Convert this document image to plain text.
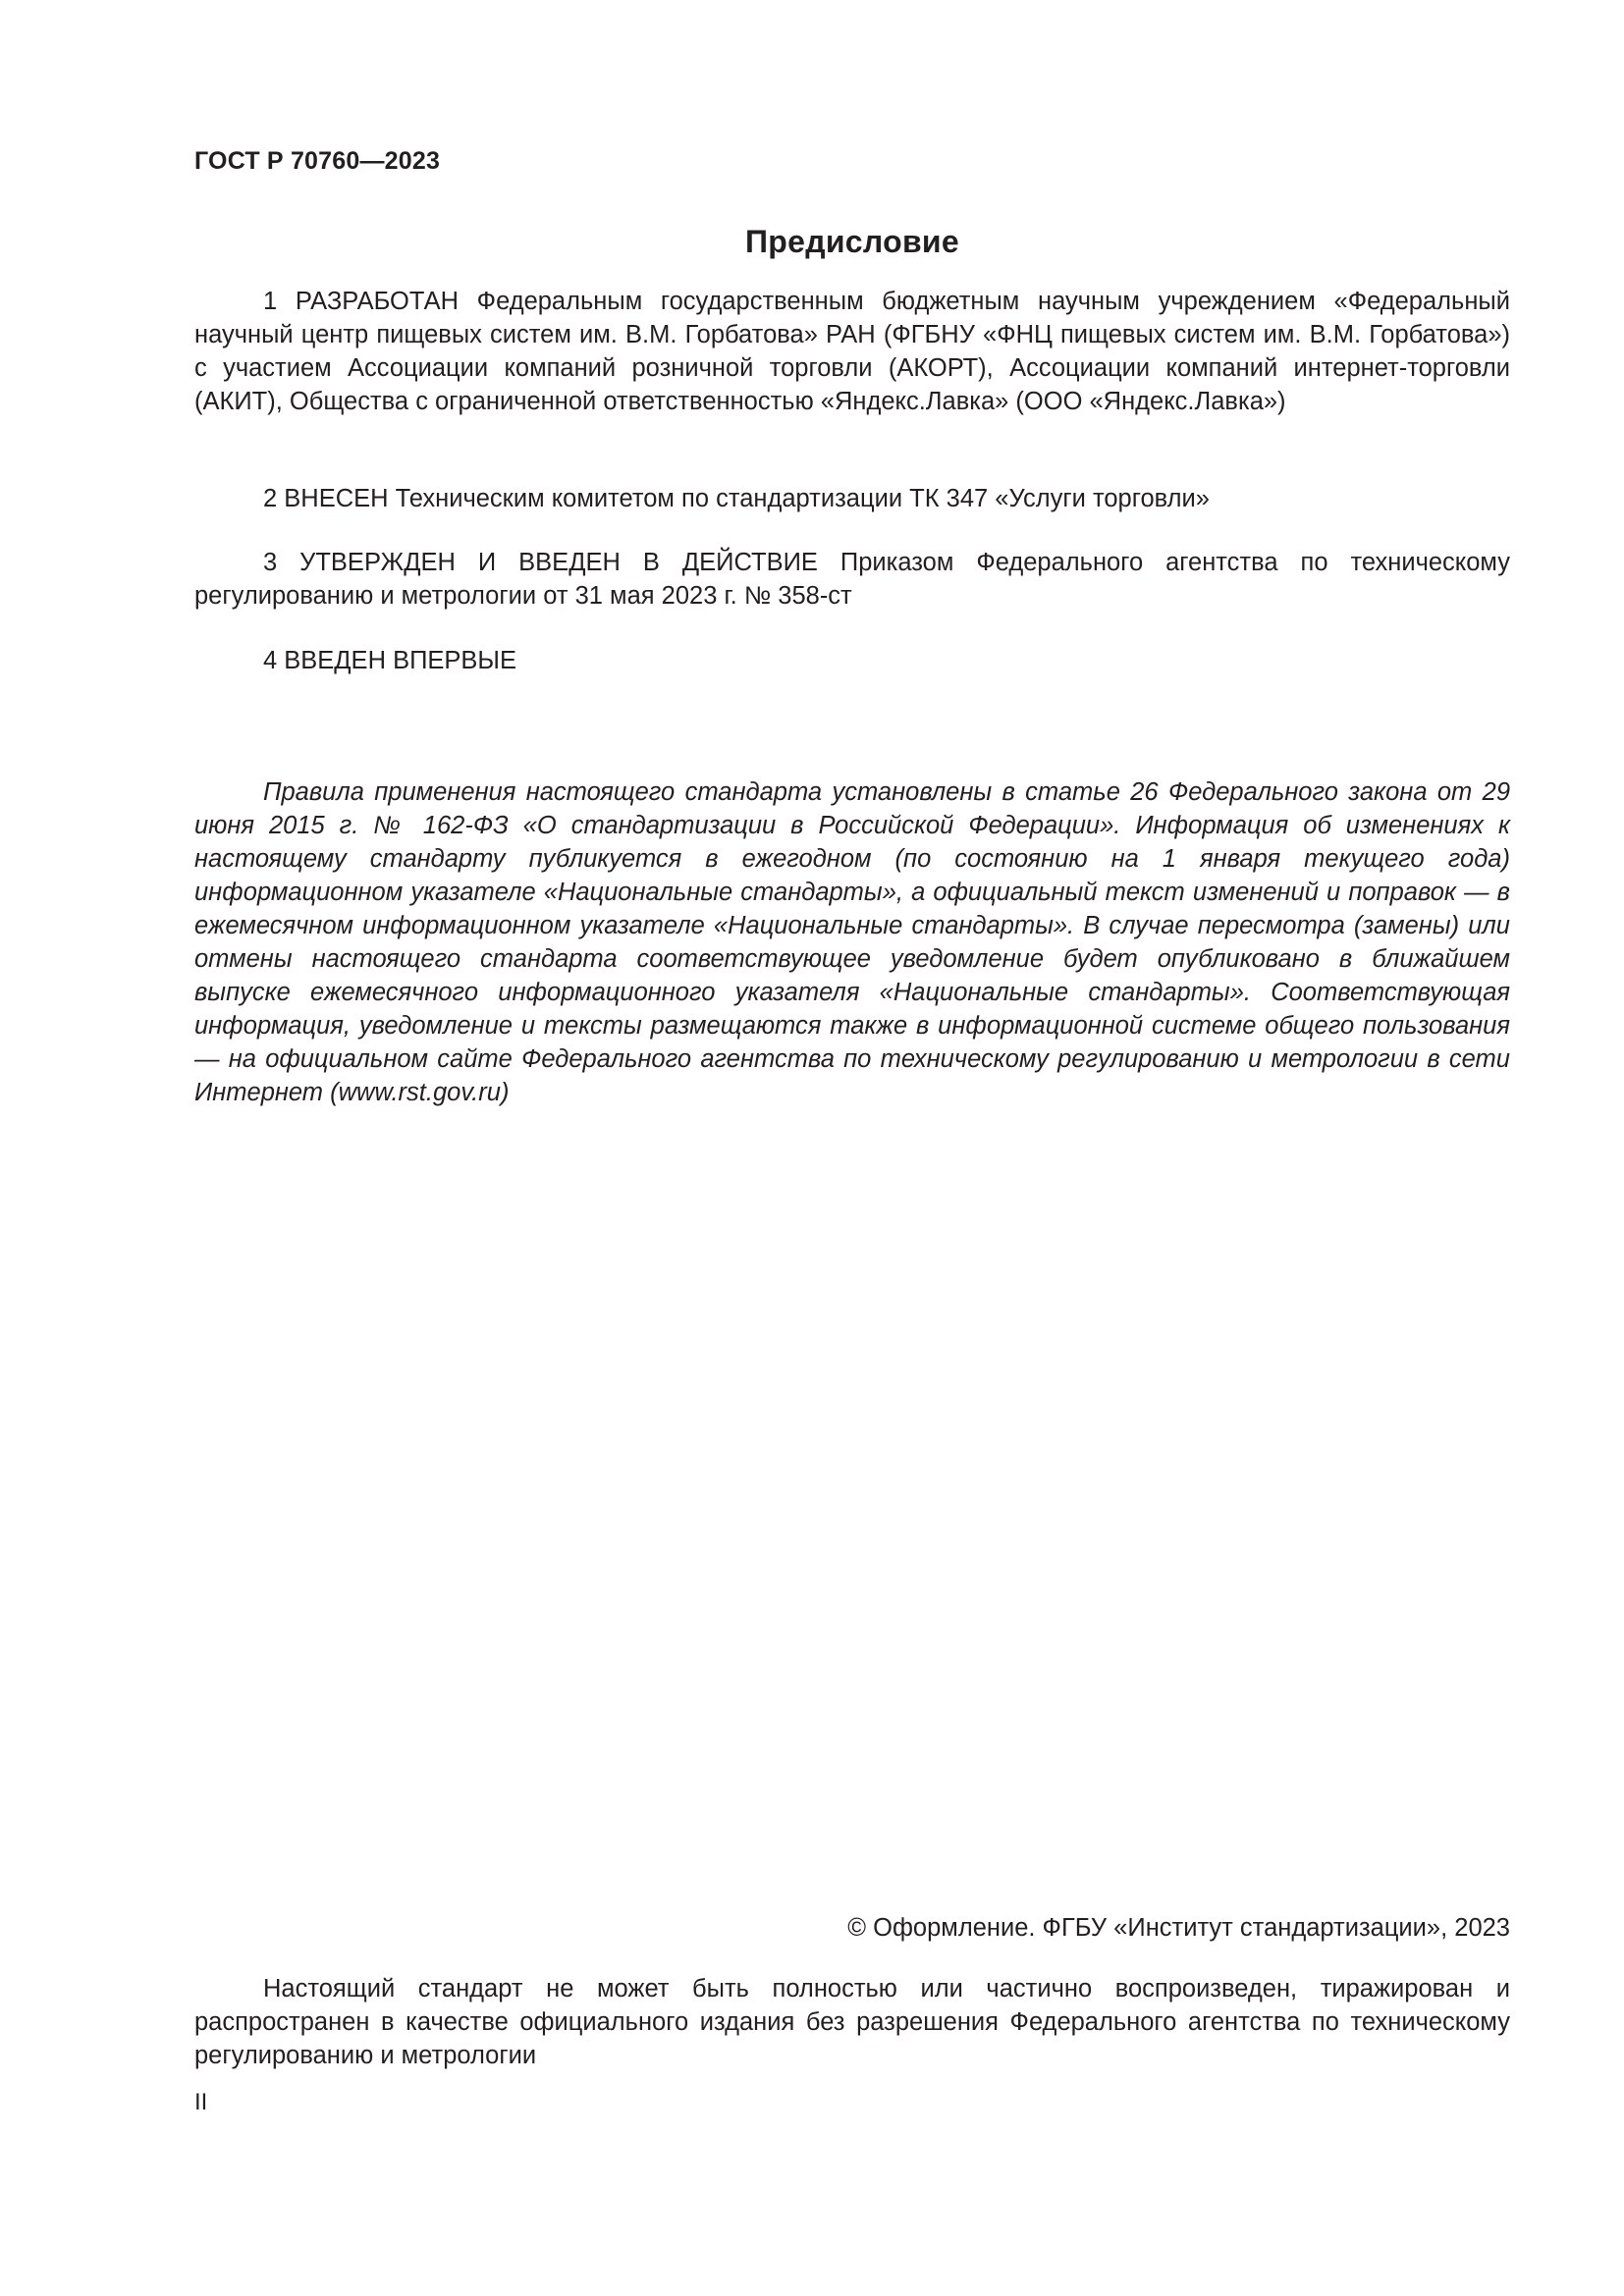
ГОСТ Р 70760—2023
Предисловие

1 РАЗРАБОТАН Федеральным государственным бюджетным научным учреждением «Федеральный научный центр пищевых систем им. В.М. Горбатова» РАН (ФГБНУ «ФНЦ пищевых систем им. В.М. Горбатова») с участием Ассоциации компаний розничной торговли (АКОРТ), Ассоциации компаний интернет-торговли (АКИТ), Общества с ограниченной ответственностью «Яндекс.Лавка» (ООО «Яндекс.Лавка»)

2 ВНЕСЕН Техническим комитетом по стандартизации ТК 347 «Услуги торговли»

3 УТВЕРЖДЕН И ВВЕДЕН В ДЕЙСТВИЕ Приказом Федерального агентства по техническому регулированию и метрологии от 31 мая 2023 г. № 358-ст

4 ВВЕДЕН ВПЕРВЫЕ

Правила применения настоящего стандарта установлены в статье 26 Федерального закона от 29 июня 2015 г. № 162-ФЗ «О стандартизации в Российской Федерации». Информация об изменениях к настоящему стандарту публикуется в ежегодном (по состоянию на 1 января текущего года) информационном указателе «Национальные стандарты», а официальный текст изменений и поправок — в ежемесячном информационном указателе «Национальные стандарты». В случае пересмотра (замены) или отмены настоящего стандарта соответствующее уведомление будет опубликовано в ближайшем выпуске ежемесячного информационного указателя «Национальные стандарты». Соответствующая информация, уведомление и тексты размещаются также в информационной системе общего пользования — на официальном сайте Федерального агентства по техническому регулированию и метрологии в сети Интернет (www.rst.gov.ru)

© Оформление. ФГБУ «Институт стандартизации», 2023

Настоящий стандарт не может быть полностью или частично воспроизведен, тиражирован и распространен в качестве официального издания без разрешения Федерального агентства по техническому регулированию и метрологии

II
